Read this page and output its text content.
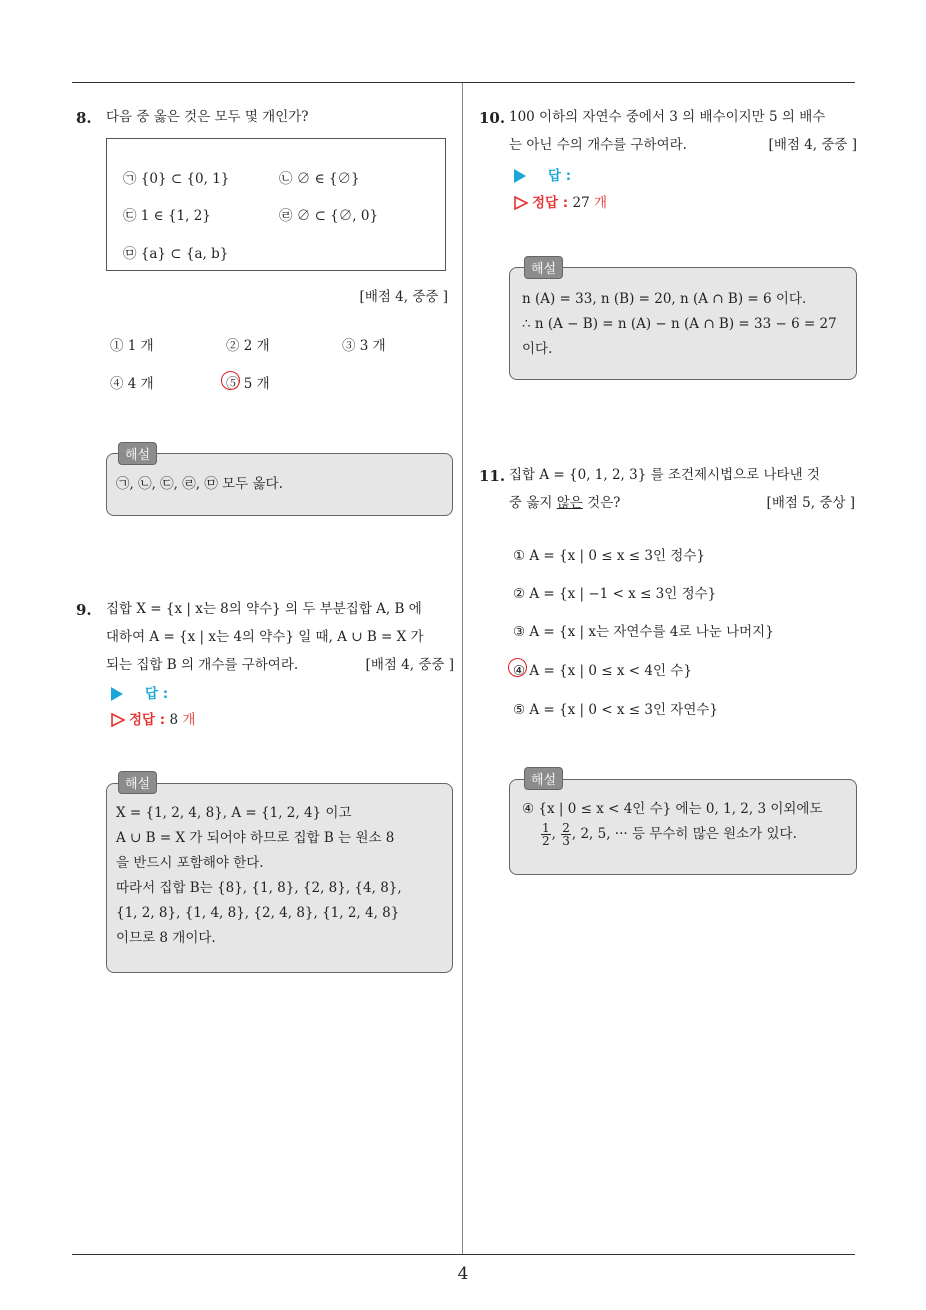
8. 다음 중 옳은 것은 모두 몇 개인가?
㉠ {0} ⊂ {0, 1}	㉡ ∅ ∈ {∅}
㉢ 1 ∈ {1, 2}	㉣ ∅ ⊂ {∅, 0}
㉤ {a} ⊂ {a, b}
[배점 4, 중중 ]
① 1 개	② 2 개	③ 3 개
④ 4 개	⑤ 5 개
㉠, ㉡, ㉢, ㉣, ㉤ 모두 옳다.
해설
9. 집합 X = {x | x는 8의 약수} 의 두 부분집합 A, B 에
대하여 A = {x | x는 4의 약수} 일 때, A ∪ B = X 가
되는 집합 B 의 개수를 구하여라.	[배점 4, 중중 ]
답 :
정답 : 8 개
X = {1, 2, 4, 8}, A = {1, 2, 4} 이고
A ∪ B = X 가 되어야 하므로 집합 B 는 원소 8
을 반드시 포함해야 한다.
따라서 집합 B는 {8}, {1, 8}, {2, 8}, {4, 8},
{1, 2, 8}, {1, 4, 8}, {2, 4, 8}, {1, 2, 4, 8}
이므로 8 개이다.
해설
10. 100 이하의 자연수 중에서 3 의 배수이지만 5 의 배수
는 아닌 수의 개수를 구하여라.	[배점 4, 중중 ]
답 :
정답 : 27 개
n (A) = 33, n (B) = 20, n (A ∩ B) = 6 이다.
∴ n (A − B) = n (A) − n (A ∩ B) = 33 − 6 = 27
이다.
해설
11. 집합 A = {0, 1, 2, 3} 를 조건제시법으로 나타낸 것
중 옳지 않은 것은?	[배점 5, 중상 ]
① A = {x | 0 ≤ x ≤ 3인 정수}
② A = {x | −1 < x ≤ 3인 정수}
③ A = {x | x는 자연수를 4로 나눈 나머지}
④ A = {x | 0 ≤ x < 4인 수}
⑤ A = {x | 0 < x ≤ 3인 자연수}
④ {x | 0 ≤ x < 4인 수} 에는 0, 1, 2, 3 이외에도
$\frac{1}{2}$ , $\frac{2}{3}$ , 2, 5, ··· 등 무수히 많은 원소가 있다.
해설
4
